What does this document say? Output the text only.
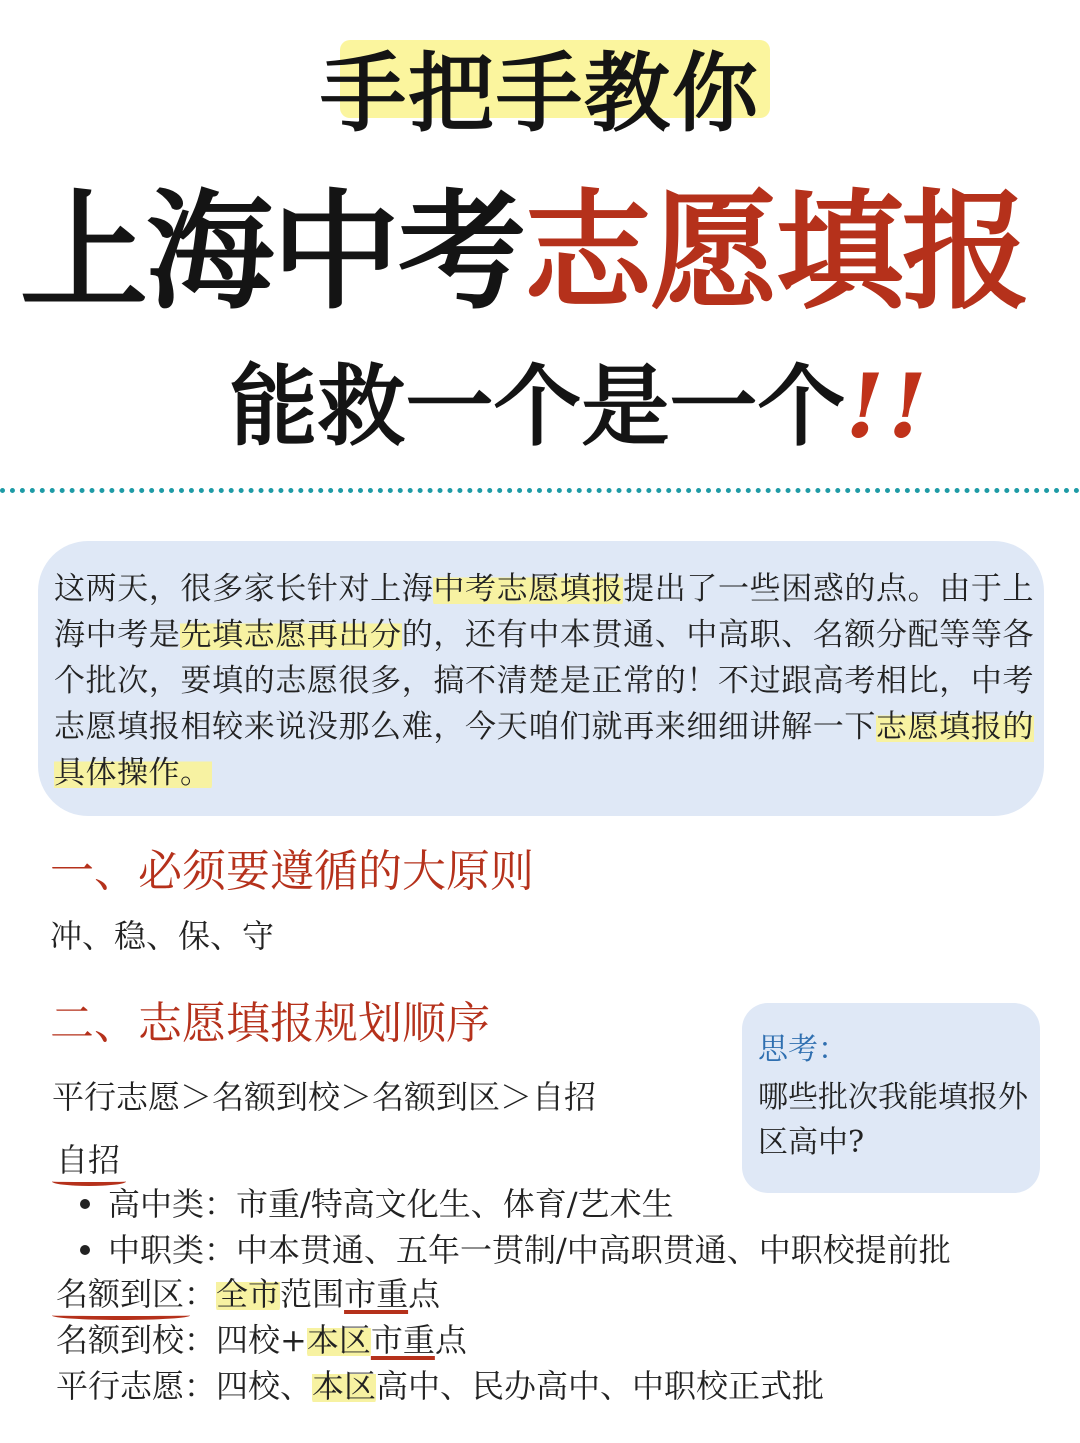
手把手教你
上海中考志愿填报
能救一个是一个!!
这两天，很多家长针对上海中考志愿填报提出了一些困惑的点。由于上海中考是先填志愿再出分的，还有中本贯通、中高职、名额分配等等各个批次，要填的志愿很多，搞不清楚是正常的！不过跟高考相比，中考志愿填报相较来说没那么难，今天咱们就再来细细讲解一下志愿填报的具体操作。
一、必须要遵循的大原则
冲、稳、保、守
二、志愿填报规划顺序
平行志愿＞名额到校＞名额到区＞自招
自招
高中类：市重/特高文化生、体育/艺术生
中职类：中本贯通、五年一贯制/中高职贯通、中职校提前批
名额到区：全市范围市重点
名额到校：四校+本区市重点
平行志愿：四校、本区高中、民办高中、中职校正式批
思考：
哪些批次我能填报外区高中?
